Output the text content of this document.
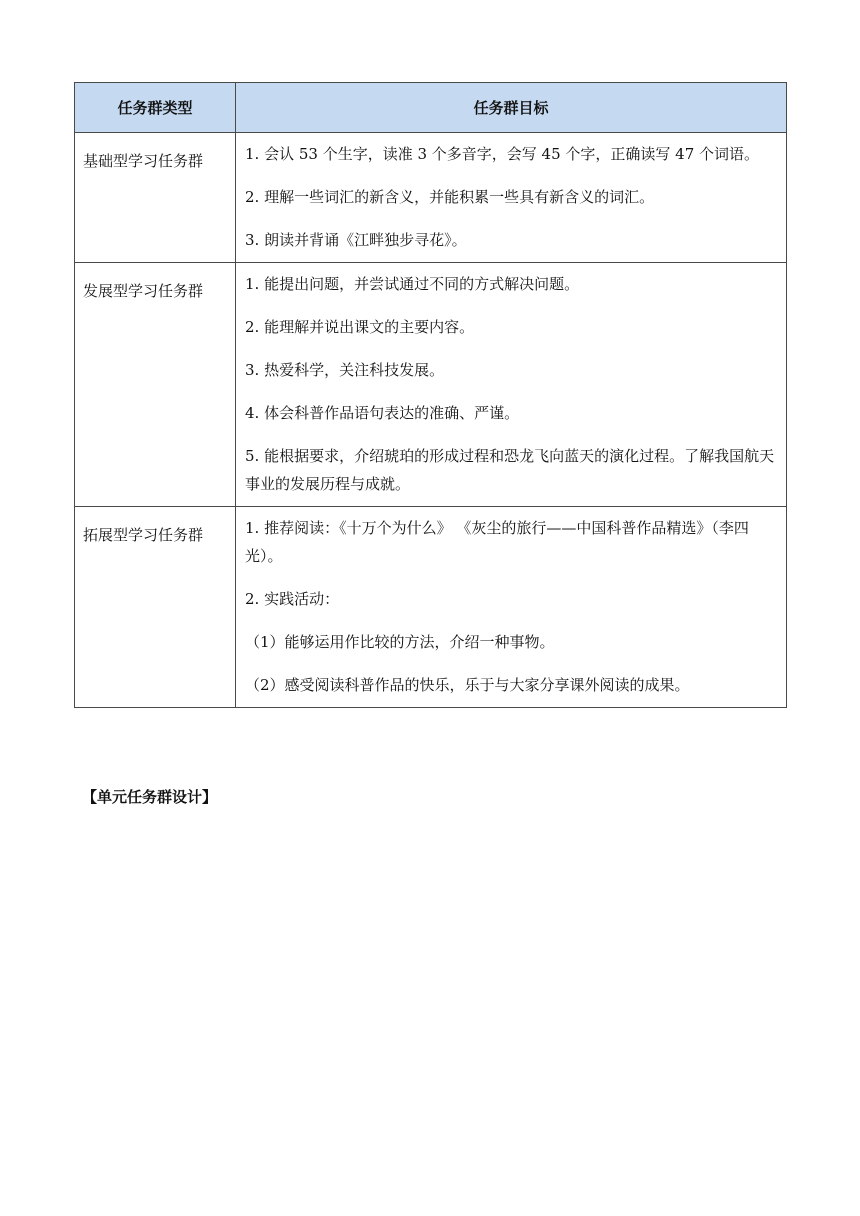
任务群类型	任务群目标
基础型学习任务群	1. 会认 53 个生字，读准 3 个多音字，会写 45 个字，正确读写 47 个词语。

2. 理解一些词汇的新含义，并能积累一些具有新含义的词汇。

3. 朗读并背诵《江畔独步寻花》。

发展型学习任务群	1. 能提出问题，并尝试通过不同的方式解决问题。

2. 能理解并说出课文的主要内容。

3. 热爱科学，关注科技发展。

4. 体会科普作品语句表达的准确、严谨。

5. 能根据要求，介绍琥珀的形成过程和恐龙飞向蓝天的演化过程。了解我国航天事业的发展历程与成就。

拓展型学习任务群	1. 推荐阅读：《十万个为什么》 《灰尘的旅行——中国科普作品精选》（李四光）。

2. 实践活动：

（1）能够运用作比较的方法，介绍一种事物。

（2）感受阅读科普作品的快乐，乐于与大家分享课外阅读的成果。

【单元任务群设计】
